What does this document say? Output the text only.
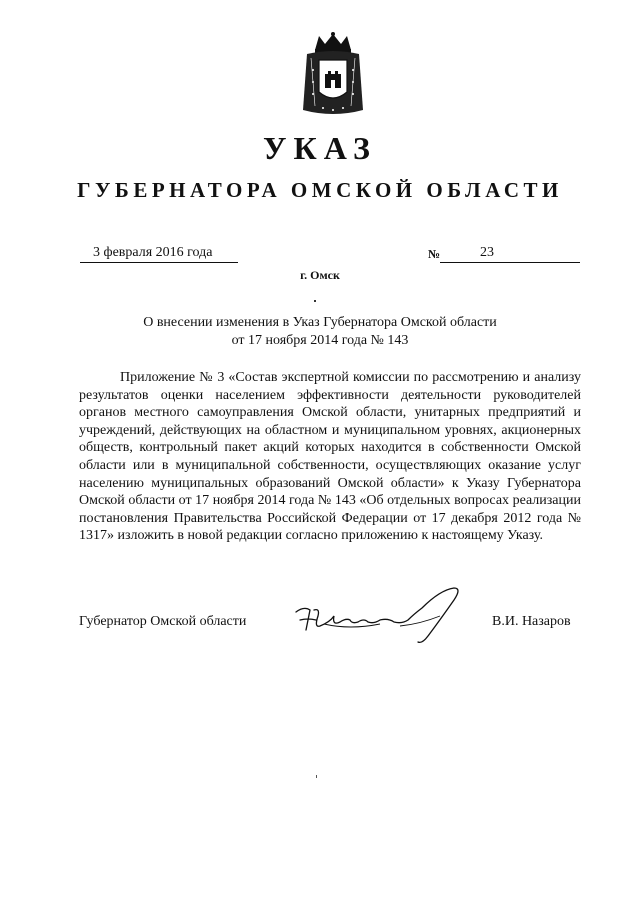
УКАЗ
ГУБЕРНАТОРА ОМСКОЙ ОБЛАСТИ
3 февраля 2016 года	№	23
г. Омск
О внесении изменения в Указ Губернатора Омской области
от 17 ноября 2014 года № 143

Приложение № 3 «Состав экспертной комиссии по рассмотрению и анализу результатов оценки населением эффективности деятельности руководителей органов местного самоуправления Омской области, унитарных предприятий и учреждений, действующих на областном и муниципальном уровнях, акционерных обществ, контрольный пакет акций которых находится в собственности Омской области или в муниципальной собственности, осуществляющих оказание услуг населению муниципальных образований Омской области» к Указу Губернатора Омской области от 17 ноября 2014 года № 143 «Об отдельных вопросах реализации постановления Правительства Российской Федерации от 17 декабря 2012 года № 1317» изложить в новой редакции согласно приложению к настоящему Указу.

Губернатор Омской области	В.И. Назаров
